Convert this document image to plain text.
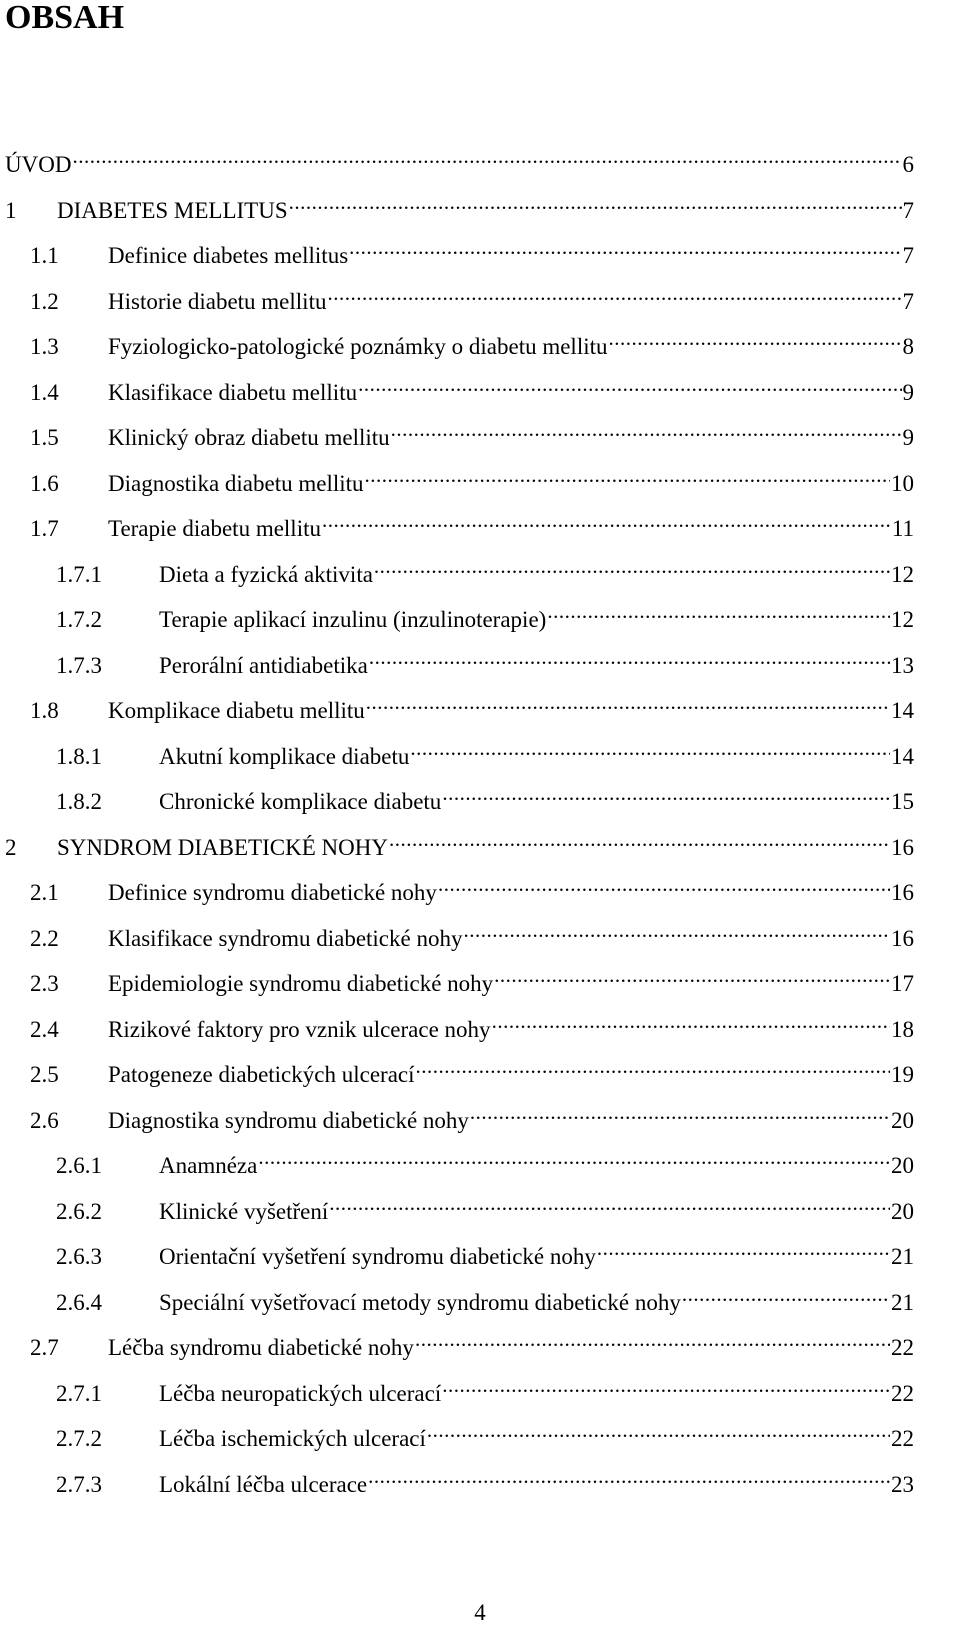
OBSAH
ÚVOD .....	6
1	DIABETES MELLITUS .....	7
1.1	Definice diabetes mellitus .....	7
1.2	Historie diabetu mellitu .....	7
1.3	Fyziologicko-patologické poznámky o diabetu mellitu .....	8
1.4	Klasifikace diabetu mellitu .....	9
1.5	Klinický obraz diabetu mellitu .....	9
1.6	Diagnostika diabetu mellitu .....	10
1.7	Terapie diabetu mellitu .....	11
1.7.1	Dieta a fyzická aktivita .....	12
1.7.2	Terapie aplikací inzulinu (inzulinoterapie) .....	12
1.7.3	Perorální antidiabetika .....	13
1.8	Komplikace diabetu mellitu .....	14
1.8.1	Akutní komplikace diabetu .....	14
1.8.2	Chronické komplikace diabetu .....	15
2	SYNDROM DIABETICKÉ NOHY .....	16
2.1	Definice syndromu diabetické nohy .....	16
2.2	Klasifikace syndromu diabetické nohy .....	16
2.3	Epidemiologie syndromu diabetické nohy .....	17
2.4	Rizikové faktory pro vznik ulcerace nohy .....	18
2.5	Patogeneze diabetických ulcerací .....	19
2.6	Diagnostika syndromu diabetické nohy .....	20
2.6.1	Anamnéza .....	20
2.6.2	Klinické vyšetření .....	20
2.6.3	Orientační vyšetření syndromu diabetické nohy .....	21
2.6.4	Speciální vyšetřovací metody syndromu diabetické nohy .....	21
2.7	Léčba syndromu diabetické nohy .....	22
2.7.1	Léčba neuropatických ulcerací .....	22
2.7.2	Léčba ischemických ulcerací .....	22
2.7.3	Lokální léčba ulcerace .....	23
4
